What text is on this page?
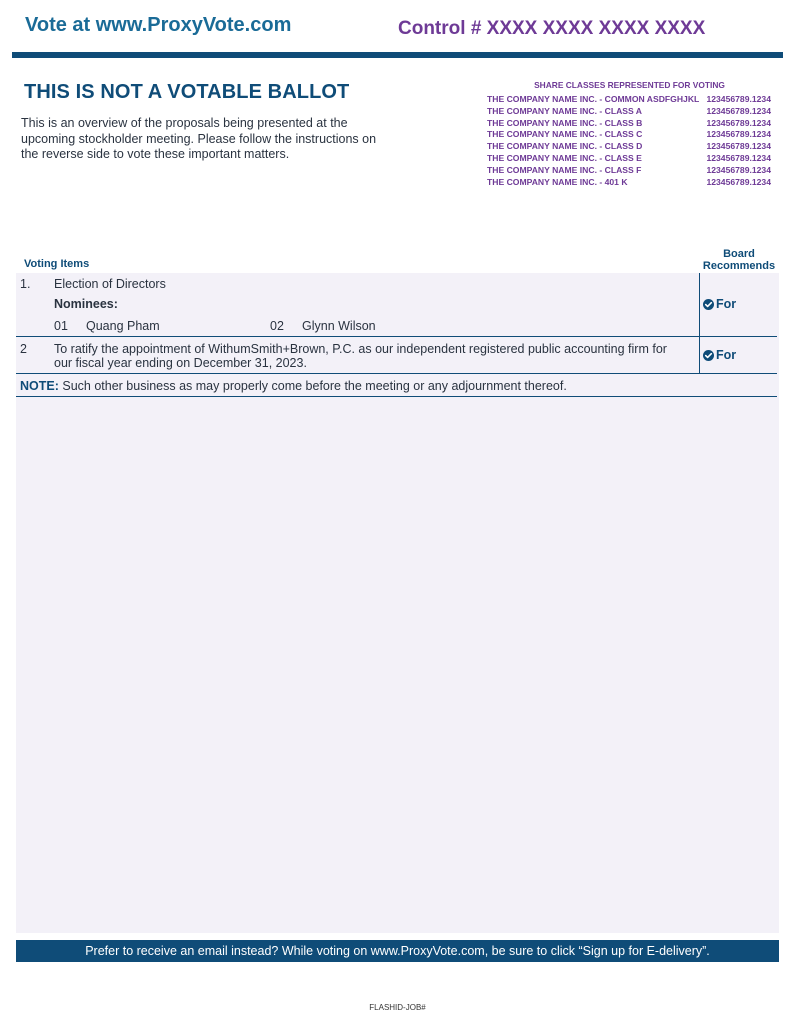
Vote at www.ProxyVote.com	Control # XXXX XXXX XXXX XXXX
THIS IS NOT A VOTABLE BALLOT
This is an overview of the proposals being presented at the
upcoming stockholder meeting. Please follow the instructions on
the reverse side to vote these important matters.
SHARE CLASSES REPRESENTED FOR VOTING
THE COMPANY NAME INC. - COMMON ASDFGHJKL 123456789.1234
THE COMPANY NAME INC. - CLASS A	123456789.1234
THE COMPANY NAME INC. - CLASS B	123456789.1234
THE COMPANY NAME INC. - CLASS C	123456789.1234
THE COMPANY NAME INC. - CLASS D	123456789.1234
THE COMPANY NAME INC. - CLASS E	123456789.1234
THE COMPANY NAME INC. - CLASS F	123456789.1234
THE COMPANY NAME INC. - 401 K	123456789.1234
Voting Items
Board
Recommends
1. Election of Directors
Nominees:
01 Quang Pham	02 Glynn Wilson
For
2 To ratify the appointment of WithumSmith+Brown, P.C. as our independent registered public accounting firm for
our fiscal year ending on December 31, 2023.
For
NOTE: Such other business as may properly come before the meeting or any adjournment thereof.
Prefer to receive an email instead? While voting on www.ProxyVote.com, be sure to click “Sign up for E-delivery”.
FLASHID-JOB#
